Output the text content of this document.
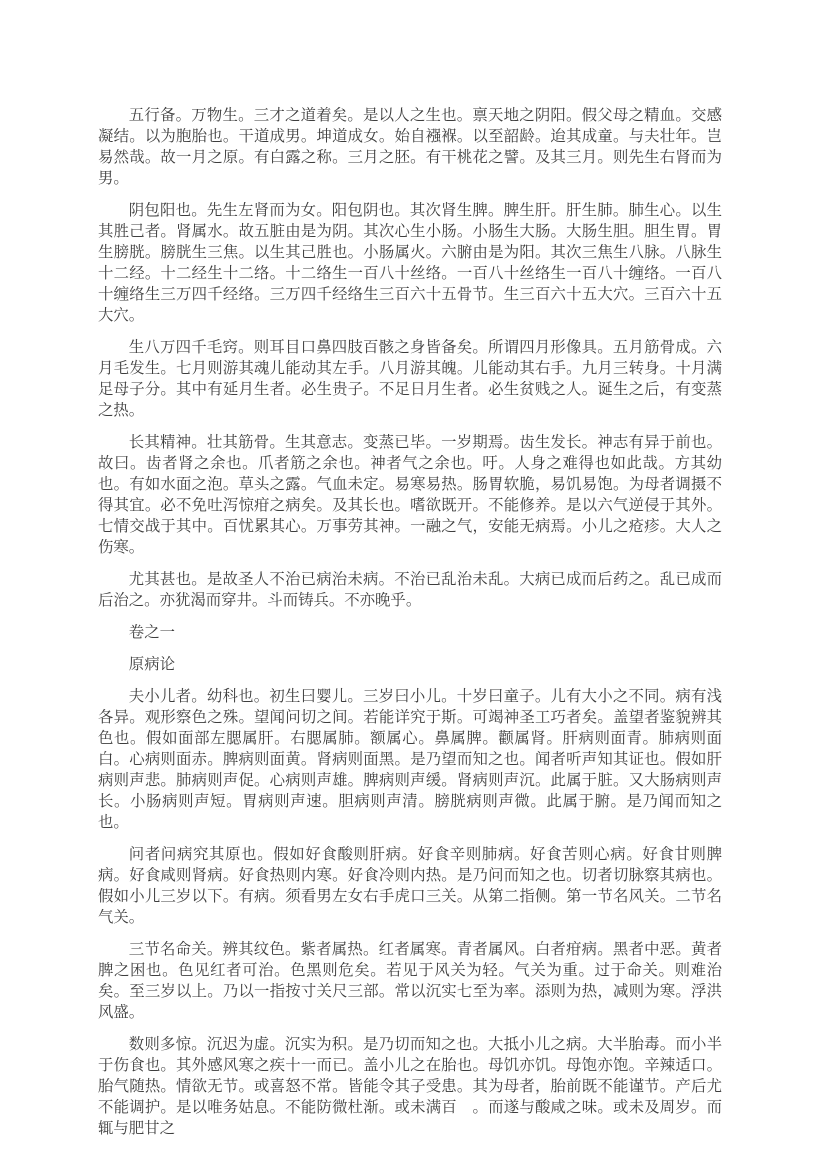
五行备。万物生。三才之道着矣。是以人之生也。禀天地之阴阳。假父母之精血。交感凝结。以为胞胎也。干道成男。坤道成女。始自襁褓。以至韶龄。迨其成童。与夫壮年。岂易然哉。故一月之原。有白露之称。三月之胚。有干桃花之譬。及其三月。则先生右肾而为男。

阴包阳也。先生左肾而为女。阳包阴也。其次肾生脾。脾生肝。肝生肺。肺生心。以生其胜己者。肾属水。故五脏由是为阴。其次心生小肠。小肠生大肠。大肠生胆。胆生胃。胃生膀胱。膀胱生三焦。以生其己胜也。小肠属火。六腑由是为阳。其次三焦生八脉。八脉生十二经。十二经生十二络。十二络生一百八十丝络。一百八十丝络生一百八十缠络。一百八十缠络生三万四千经络。三万四千经络生三百六十五骨节。生三百六十五大穴。三百六十五大穴。

生八万四千毛窍。则耳目口鼻四肢百骸之身皆备矣。所谓四月形像具。五月筋骨成。六月毛发生。七月则游其魂儿能动其左手。八月游其魄。儿能动其右手。九月三转身。十月满足母子分。其中有延月生者。必生贵子。不足日月生者。必生贫贱之人。诞生之后，有变蒸之热。

长其精神。壮其筋骨。生其意志。变蒸已毕。一岁期焉。齿生发长。神志有异于前也。故曰。齿者肾之余也。爪者筋之余也。神者气之余也。吁。人身之难得也如此哉。方其幼也。有如水面之泡。草头之露。气血未定。易寒易热。肠胃软脆，易饥易饱。为母者调摄不得其宜。必不免吐泻惊疳之病矣。及其长也。嗜欲既开。不能修养。是以六气逆侵于其外。七情交战于其中。百忧累其心。万事劳其神。一融之气，安能无病焉。小儿之疮疹。大人之伤寒。

尤其甚也。是故圣人不治已病治未病。不治已乱治未乱。大病已成而后药之。乱已成而后治之。亦犹渴而穿井。斗而铸兵。不亦晚乎。

卷之一

原病论

夫小儿者。幼科也。初生曰婴儿。三岁曰小儿。十岁曰童子。儿有大小之不同。病有浅各异。观形察色之殊。望闻问切之间。若能详究于斯。可竭神圣工巧者矣。盖望者鉴貌辨其色也。假如面部左腮属肝。右腮属肺。额属心。鼻属脾。颧属肾。肝病则面青。肺病则面白。心病则面赤。脾病则面黄。肾病则面黑。是乃望而知之也。闻者听声知其证也。假如肝病则声悲。肺病则声促。心病则声雄。脾病则声缓。肾病则声沉。此属于脏。又大肠病则声长。小肠病则声短。胃病则声速。胆病则声清。膀胱病则声微。此属于腑。是乃闻而知之也。

问者问病究其原也。假如好食酸则肝病。好食辛则肺病。好食苦则心病。好食甘则脾病。好食咸则肾病。好食热则内寒。好食冷则内热。是乃问而知之也。切者切脉察其病也。假如小儿三岁以下。有病。须看男左女右手虎口三关。从第二指侧。第一节名风关。二节名气关。

三节名命关。辨其纹色。紫者属热。红者属寒。青者属风。白者疳病。黑者中恶。黄者脾之困也。色见红者可治。色黑则危矣。若见于风关为轻。气关为重。过于命关。则难治矣。至三岁以上。乃以一指按寸关尺三部。常以沉实七至为率。添则为热，减则为寒。浮洪风盛。

数则多惊。沉迟为虚。沉实为积。是乃切而知之也。大抵小儿之病。大半胎毒。而小半于伤食也。其外感风寒之疾十一而已。盖小儿之在胎也。母饥亦饥。母饱亦饱。辛辣适口。胎气随热。情欲无节。或喜怒不常。皆能令其子受患。其为母者，胎前既不能谨节。产后尤不能调护。是以唯务姑息。不能防微杜渐。或未满百　。而遂与酸咸之味。或未及周岁。而辄与肥甘之
